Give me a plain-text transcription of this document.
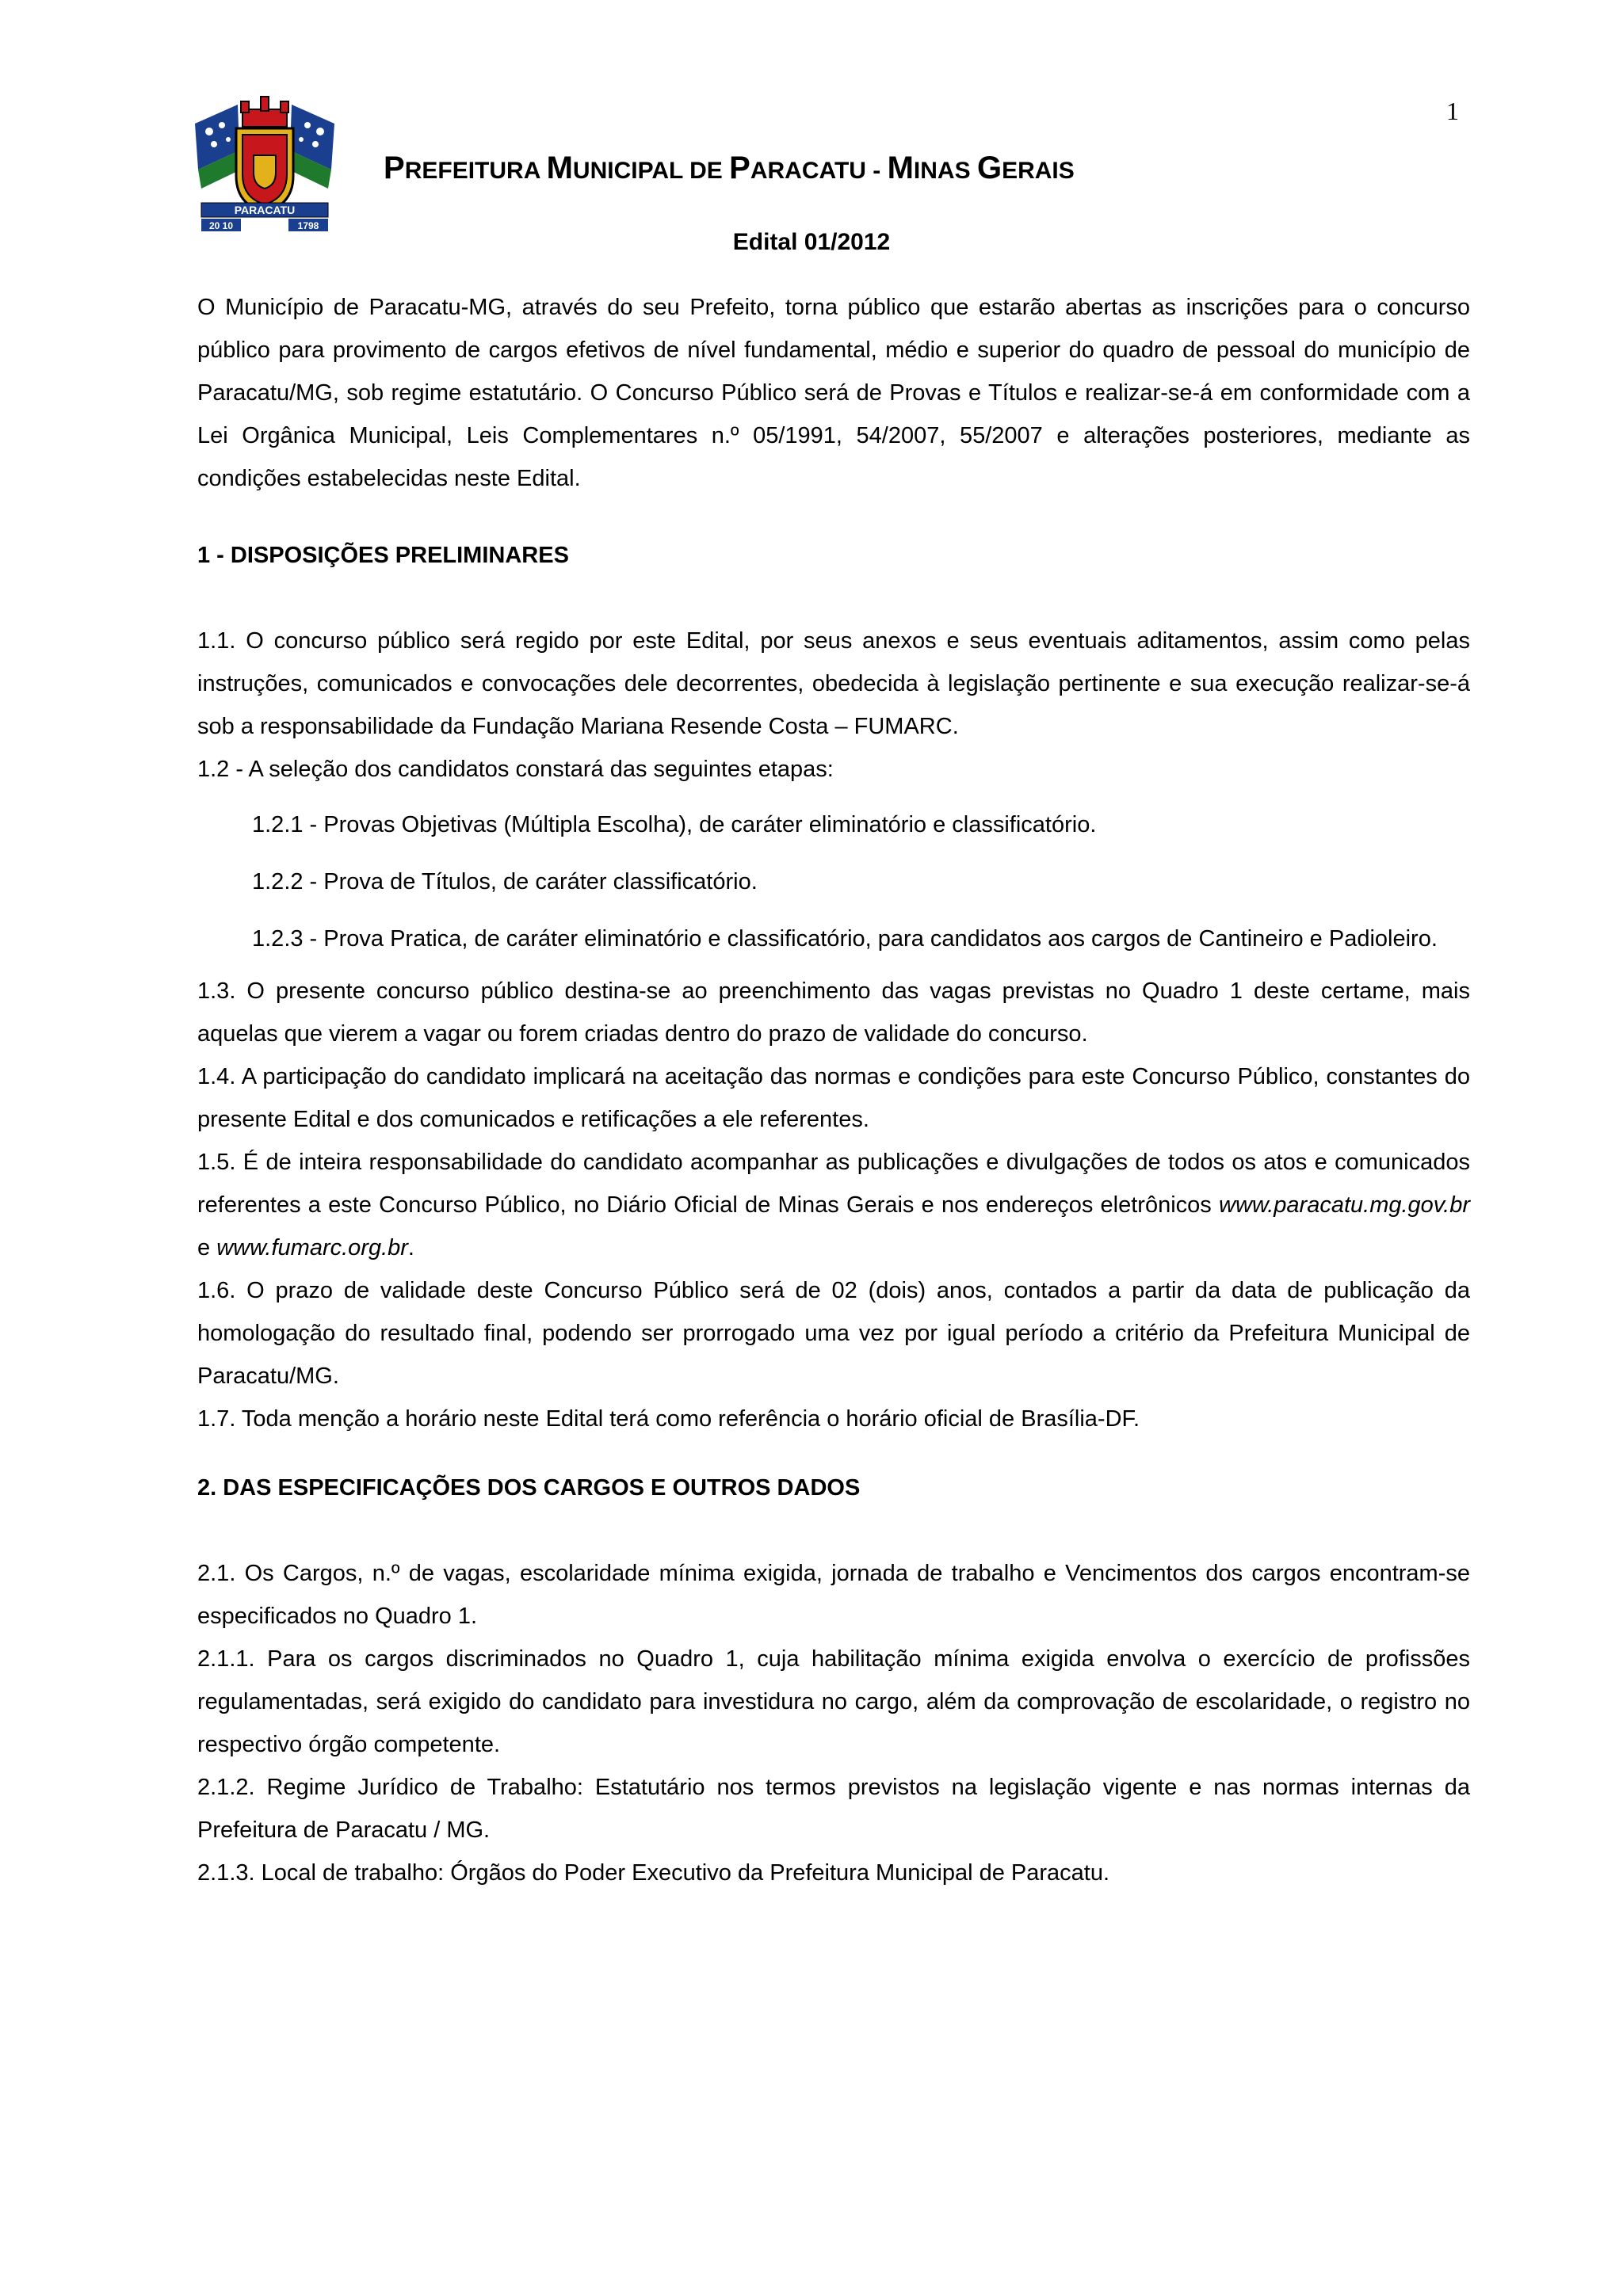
1
PARACATU
20 10	1798
PREFEITURA MUNICIPAL DE PARACATU - MINAS GERAIS
Edital 01/2012

O Município de Paracatu-MG, através do seu Prefeito, torna público que estarão abertas as inscrições para o concurso público para provimento de cargos efetivos de nível fundamental, médio e superior do quadro de pessoal do município de Paracatu/MG, sob regime estatutário. O Concurso Público será de Provas e Títulos e realizar-se-á em conformidade com a Lei Orgânica Municipal, Leis Complementares n.º 05/1991, 54/2007, 55/2007 e alterações posteriores, mediante as condições estabelecidas neste Edital.

1 - DISPOSIÇÕES PRELIMINARES

1.1. O concurso público será regido por este Edital, por seus anexos e seus eventuais aditamentos, assim como pelas instruções, comunicados e convocações dele decorrentes, obedecida à legislação pertinente e sua execução realizar-se-á sob a responsabilidade da Fundação Mariana Resende Costa – FUMARC.

1.2 - A seleção dos candidatos constará das seguintes etapas:

1.2.1 - Provas Objetivas (Múltipla Escolha), de caráter eliminatório e classificatório.

1.2.2 - Prova de Títulos, de caráter classificatório.

1.2.3 - Prova Pratica, de caráter eliminatório e classificatório, para candidatos aos cargos de Cantineiro e Padioleiro.

1.3. O presente concurso público destina-se ao preenchimento das vagas previstas no Quadro 1 deste certame, mais aquelas que vierem a vagar ou forem criadas dentro do prazo de validade do concurso.

1.4. A participação do candidato implicará na aceitação das normas e condições para este Concurso Público, constantes do presente Edital e dos comunicados e retificações a ele referentes.

1.5. É de inteira responsabilidade do candidato acompanhar as publicações e divulgações de todos os atos e comunicados referentes a este Concurso Público, no Diário Oficial de Minas Gerais e nos endereços eletrônicos www.paracatu.mg.gov.br e www.fumarc.org.br.

1.6. O prazo de validade deste Concurso Público será de 02 (dois) anos, contados a partir da data de publicação da homologação do resultado final, podendo ser prorrogado uma vez por igual período a critério da Prefeitura Municipal de Paracatu/MG.

1.7. Toda menção a horário neste Edital terá como referência o horário oficial de Brasília-DF.

2. DAS ESPECIFICAÇÕES DOS CARGOS E OUTROS DADOS

2.1. Os Cargos, n.º de vagas, escolaridade mínima exigida, jornada de trabalho e Vencimentos dos cargos encontram-se especificados no Quadro 1.

2.1.1. Para os cargos discriminados no Quadro 1, cuja habilitação mínima exigida envolva o exercício de profissões regulamentadas, será exigido do candidato para investidura no cargo, além da comprovação de escolaridade, o registro no respectivo órgão competente.

2.1.2. Regime Jurídico de Trabalho: Estatutário nos termos previstos na legislação vigente e nas normas internas da Prefeitura de Paracatu / MG.

2.1.3. Local de trabalho: Órgãos do Poder Executivo da Prefeitura Municipal de Paracatu.
